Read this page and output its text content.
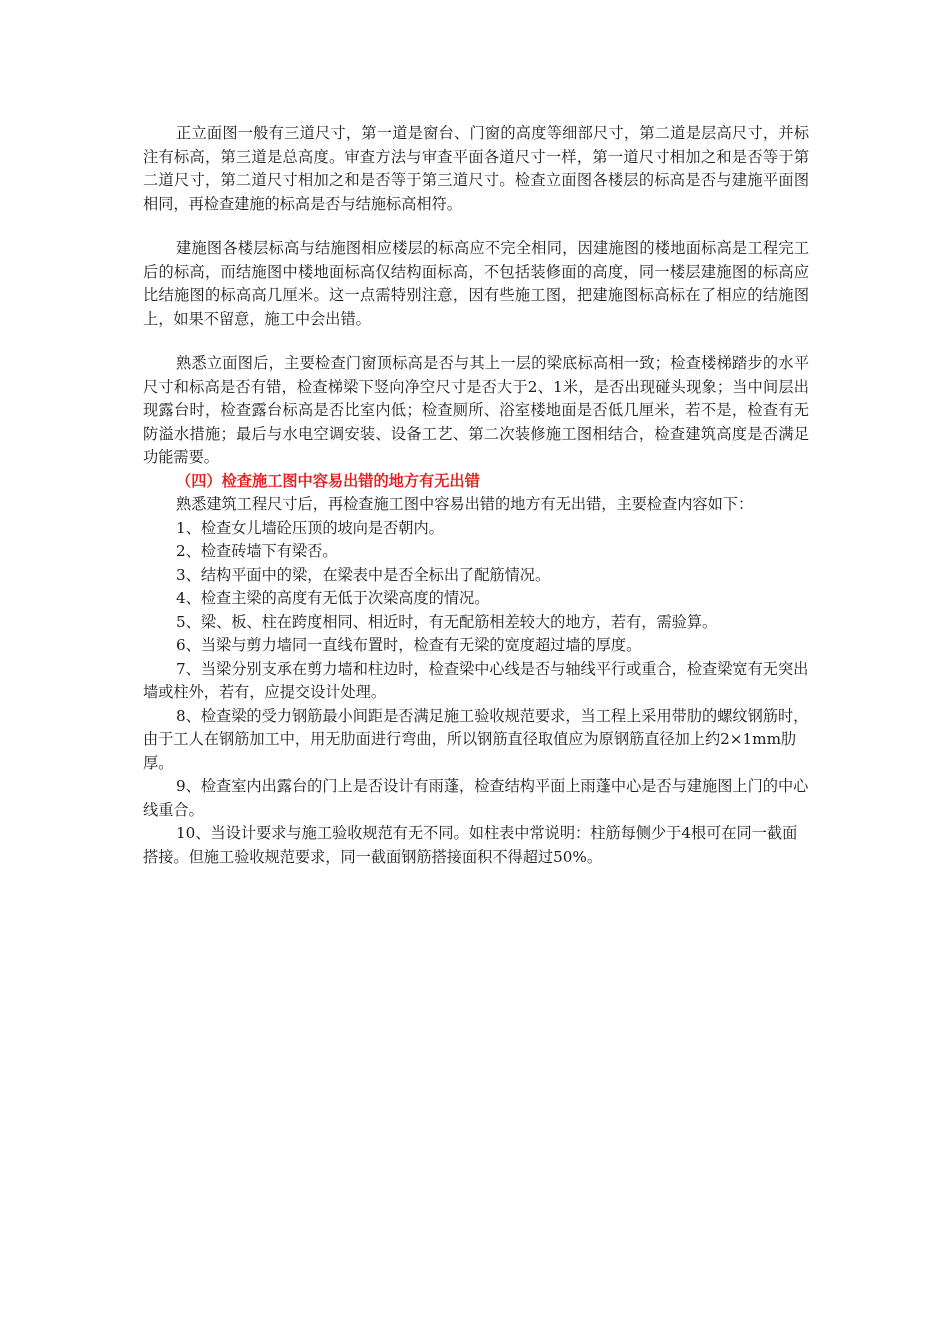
正立面图一般有三道尺寸，第一道是窗台、门窗的高度等细部尺寸，第二道是层高尺寸，并标注有标高，第三道是总高度。审查方法与审查平面各道尺寸一样，第一道尺寸相加之和是否等于第二道尺寸，第二道尺寸相加之和是否等于第三道尺寸。检查立面图各楼层的标高是否与建施平面图相同，再检查建施的标高是否与结施标高相符。

建施图各楼层标高与结施图相应楼层的标高应不完全相同，因建施图的楼地面标高是工程完工后的标高，而结施图中楼地面标高仅结构面标高，不包括装修面的高度，同一楼层建施图的标高应比结施图的标高高几厘米。这一点需特别注意，因有些施工图，把建施图标高标在了相应的结施图上，如果不留意，施工中会出错。

熟悉立面图后，主要检查门窗顶标高是否与其上一层的梁底标高相一致；检查楼梯踏步的水平尺寸和标高是否有错，检查梯梁下竖向净空尺寸是否大于2、1米，是否出现碰头现象；当中间层出现露台时，检查露台标高是否比室内低；检查厕所、浴室楼地面是否低几厘米，若不是，检查有无防溢水措施；最后与水电空调安装、设备工艺、第二次装修施工图相结合，检查建筑高度是否满足功能需要。

（四）检查施工图中容易出错的地方有无出错

熟悉建筑工程尺寸后，再检查施工图中容易出错的地方有无出错，主要检查内容如下：

1、检查女儿墙砼压顶的坡向是否朝内。

2、检查砖墙下有梁否。

3、结构平面中的梁，在梁表中是否全标出了配筋情况。

4、检查主梁的高度有无低于次梁高度的情况。

5、梁、板、柱在跨度相同、相近时，有无配筋相差较大的地方，若有，需验算。

6、当梁与剪力墙同一直线布置时，检查有无梁的宽度超过墙的厚度。

7、当梁分别支承在剪力墙和柱边时，检查梁中心线是否与轴线平行或重合，检查梁宽有无突出墙或柱外，若有，应提交设计处理。

8、检查梁的受力钢筋最小间距是否满足施工验收规范要求，当工程上采用带肋的螺纹钢筋时，由于工人在钢筋加工中，用无肋面进行弯曲，所以钢筋直径取值应为原钢筋直径加上约2×1mm肋厚。

9、检查室内出露台的门上是否设计有雨蓬，检查结构平面上雨蓬中心是否与建施图上门的中心线重合。

10、当设计要求与施工验收规范有无不同。如柱表中常说明：柱筋每侧少于4根可在同一截面搭接。但施工验收规范要求，同一截面钢筋搭接面积不得超过50%。
